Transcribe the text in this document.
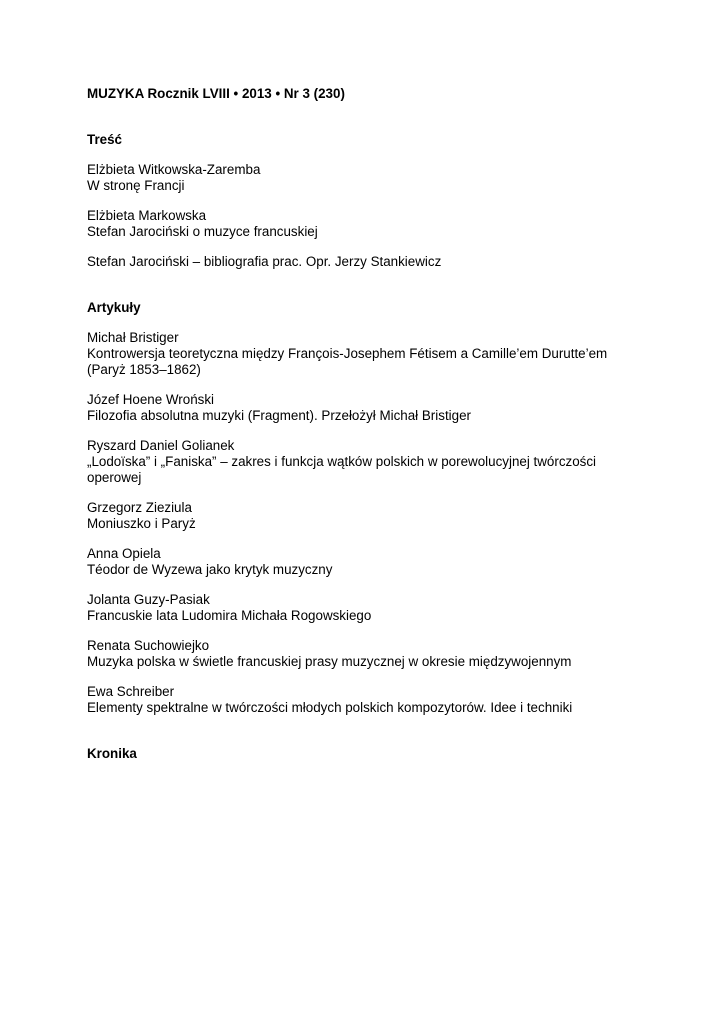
MUZYKA Rocznik LVIII • 2013 • Nr 3 (230)
Treść
Elżbieta Witkowska-Zaremba
W stronę Francji
Elżbieta Markowska
Stefan Jarociński o muzyce francuskiej
Stefan Jarociński – bibliografia prac. Opr. Jerzy Stankiewicz
Artykuły
Michał Bristiger
Kontrowersja teoretyczna między François-Josephem Fétisem a Camille’em Durutte’em
(Paryż 1853–1862)
Józef Hoene Wroński
Filozofia absolutna muzyki (Fragment). Przełożył Michał Bristiger
Ryszard Daniel Golianek
„Lodoïska” i „Faniska” – zakres i funkcja wątków polskich w porewolucyjnej twórczości
operowej
Grzegorz Zieziula
Moniuszko i Paryż
Anna Opiela
Téodor de Wyzewa jako krytyk muzyczny
Jolanta Guzy-Pasiak
Francuskie lata Ludomira Michała Rogowskiego
Renata Suchowiejko
Muzyka polska w świetle francuskiej prasy muzycznej w okresie międzywojennym
Ewa Schreiber
Elementy spektralne w twórczości młodych polskich kompozytorów. Idee i techniki
Kronika
